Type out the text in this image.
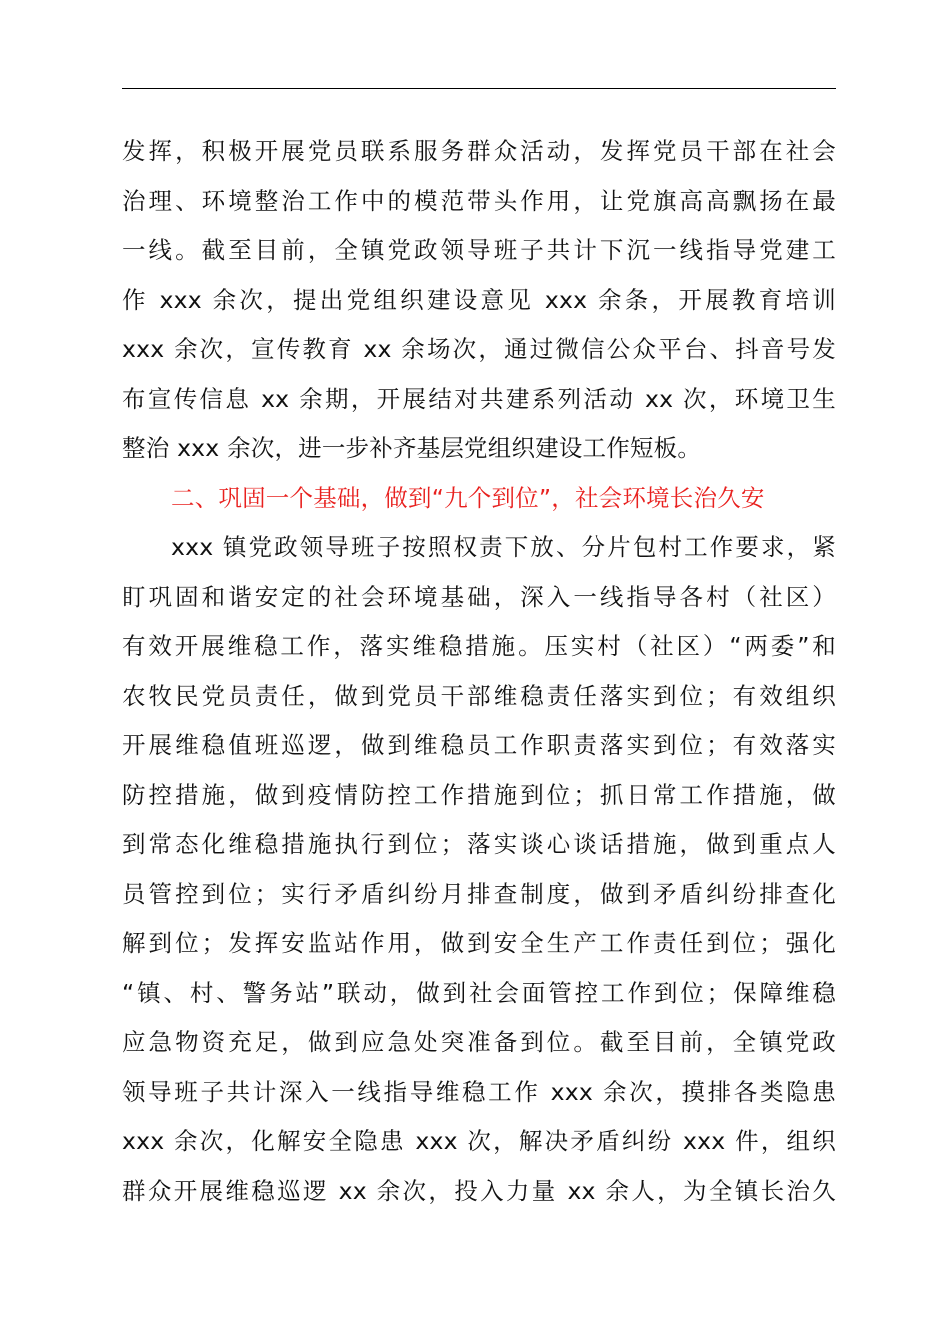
发挥，积极开展党员联系服务群众活动，发挥党员干部在社会
治理、环境整治工作中的模范带头作用，让党旗高高飘扬在最
一线。截至目前，全镇党政领导班子共计下沉一线指导党建工
作 xxx 余次，提出党组织建设意见 xxx 余条，开展教育培训
xxx 余次，宣传教育 xx 余场次，通过微信公众平台、抖音号发
布宣传信息 xx 余期，开展结对共建系列活动 xx 次，环境卫生
整治 xxx 余次，进一步补齐基层党组织建设工作短板。
二、巩固一个基础，做到“九个到位”，社会环境长治久安
xxx 镇党政领导班子按照权责下放、分片包村工作要求，紧
盯巩固和谐安定的社会环境基础，深入一线指导各村（社区）
有效开展维稳工作，落实维稳措施。压实村（社区）“两委”和
农牧民党员责任，做到党员干部维稳责任落实到位；有效组织
开展维稳值班巡逻，做到维稳员工作职责落实到位；有效落实
防控措施，做到疫情防控工作措施到位；抓日常工作措施，做
到常态化维稳措施执行到位；落实谈心谈话措施，做到重点人
员管控到位；实行矛盾纠纷月排查制度，做到矛盾纠纷排查化
解到位；发挥安监站作用，做到安全生产工作责任到位；强化
“镇、村、警务站”联动，做到社会面管控工作到位；保障维稳
应急物资充足，做到应急处突准备到位。截至目前，全镇党政
领导班子共计深入一线指导维稳工作 xxx 余次，摸排各类隐患
xxx 余次，化解安全隐患 xxx 次，解决矛盾纠纷 xxx 件，组织
群众开展维稳巡逻 xx 余次，投入力量 xx 余人，为全镇长治久
